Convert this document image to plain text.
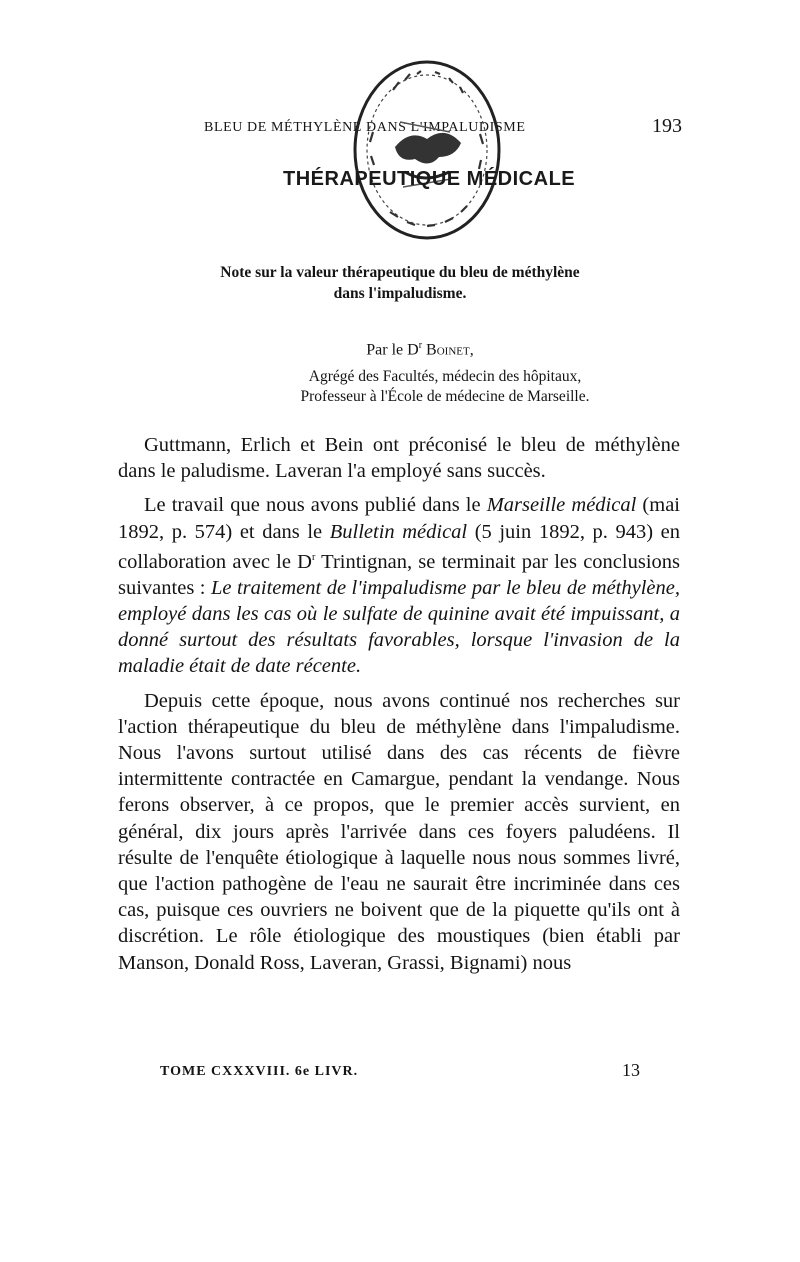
BLEU DE MÉTHYLÈNE DANS L'IMPALUDISME	193
THÉRAPEUTIQUE MÉDICALE
Note sur la valeur thérapeutique du bleu de méthylène
dans l'impaludisme.
Par le $D^r$ Boinet,
Agrégé des Facultés, médecin des hôpitaux,
Professeur à l'École de médecine de Marseille.

Guttmann, Erlich et Bein ont préconisé le bleu de méthylène dans le paludisme. Laveran l'a employé sans succès.

Le travail que nous avons publié dans le Marseille médical (mai 1892, p. 574) et dans le Bulletin médical (5 juin 1892, p. 943) en collaboration avec le $D^r$ Trintignan, se terminait par les conclusions suivantes : Le traitement de l'impaludisme par le bleu de méthylène, employé dans les cas où le sulfate de quinine avait été impuissant, a donné surtout des résultats favorables, lorsque l'invasion de la maladie était de date récente.

Depuis cette époque, nous avons continué nos recherches sur l'action thérapeutique du bleu de méthylène dans l'impaludisme. Nous l'avons surtout utilisé dans des cas récents de fièvre intermittente contractée en Camargue, pendant la vendange. Nous ferons observer, à ce propos, que le premier accès survient, en général, dix jours après l'arrivée dans ces foyers paludéens. Il résulte de l'enquête étiologique à laquelle nous nous sommes livré, que l'action pathogène de l'eau ne saurait être incriminée dans ces cas, puisque ces ouvriers ne boivent que de la piquette qu'ils ont à discrétion. Le rôle étiologique des moustiques (bien établi par Manson, Donald Ross, Laveran, Grassi, Bignami) nous

TOME CXXXVIII. 6e LIVR.	13
